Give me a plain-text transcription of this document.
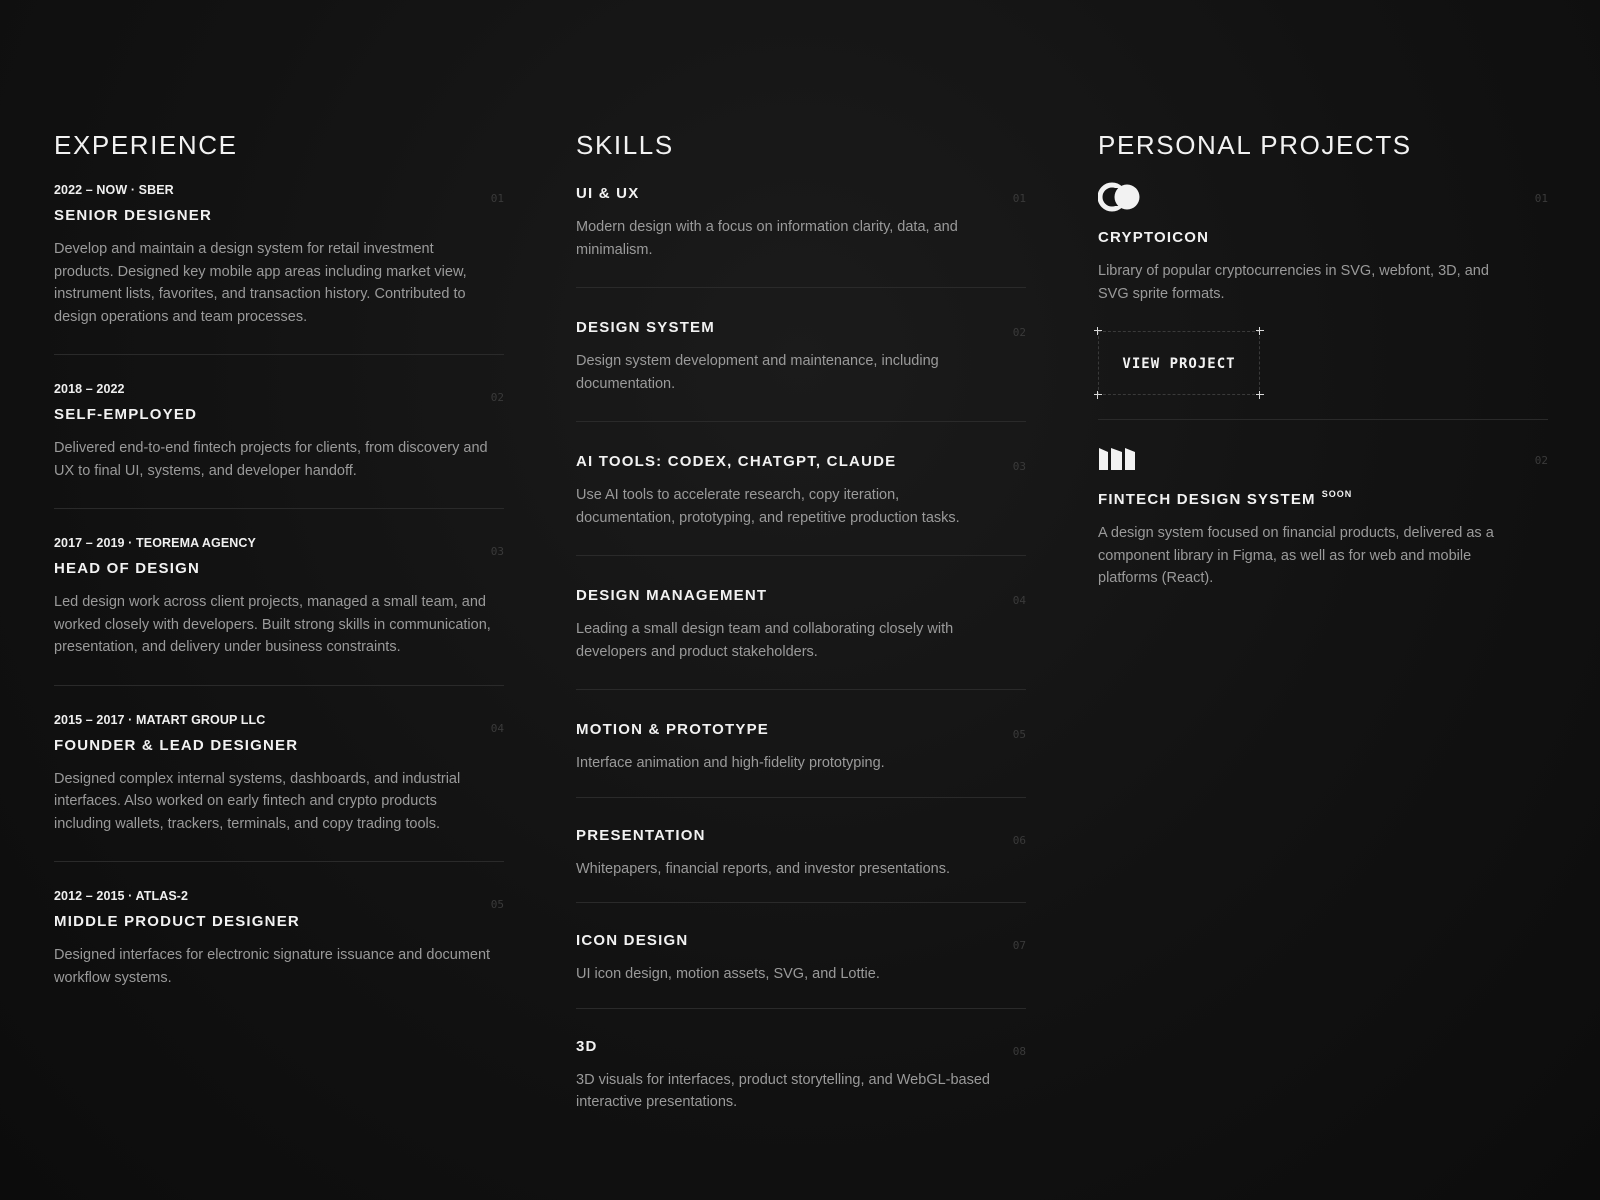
EXPERIENCE
01
2022 – NOW · SBER
SENIOR DESIGNER

Develop and maintain a design system for retail investment products. Designed key mobile app areas including market view, instrument lists, favorites, and transaction history. Contributed to design operations and team processes.

02
2018 – 2022
SELF-EMPLOYED

Delivered end-to-end fintech projects for clients, from discovery and UX to final UI, systems, and developer handoff.

03
2017 – 2019 · TEOREMA AGENCY
HEAD OF DESIGN

Led design work across client projects, managed a small team, and worked closely with developers. Built strong skills in communication, presentation, and delivery under business constraints.

04
2015 – 2017 · MATART GROUP LLC
FOUNDER & LEAD DESIGNER

Designed complex internal systems, dashboards, and industrial interfaces. Also worked on early fintech and crypto products including wallets, trackers, terminals, and copy trading tools.

05
2012 – 2015 · ATLAS-2
MIDDLE PRODUCT DESIGNER

Designed interfaces for electronic signature issuance and document workflow systems.

SKILLS
01
UI & UX

Modern design with a focus on information clarity, data, and minimalism.

02
DESIGN SYSTEM

Design system development and maintenance, including documentation.

03
AI TOOLS: CODEX, CHATGPT, CLAUDE

Use AI tools to accelerate research, copy iteration, documentation, prototyping, and repetitive production tasks.

04
DESIGN MANAGEMENT

Leading a small design team and collaborating closely with developers and product stakeholders.

05
MOTION & PROTOTYPE

Interface animation and high-fidelity prototyping.

06
PRESENTATION

Whitepapers, financial reports, and investor presentations.

07
ICON DESIGN

UI icon design, motion assets, SVG, and Lottie.

08
3D

3D visuals for interfaces, product storytelling, and WebGL-based interactive presentations.

PERSONAL PROJECTS
01
CRYPTOICON

Library of popular cryptocurrencies in SVG, webfont, 3D, and SVG sprite formats.

VIEW PROJECT
02
FINTECH DESIGN SYSTEM $^{SOON}$

A design system focused on financial products, delivered as a component library in Figma, as well as for web and mobile platforms (React).
